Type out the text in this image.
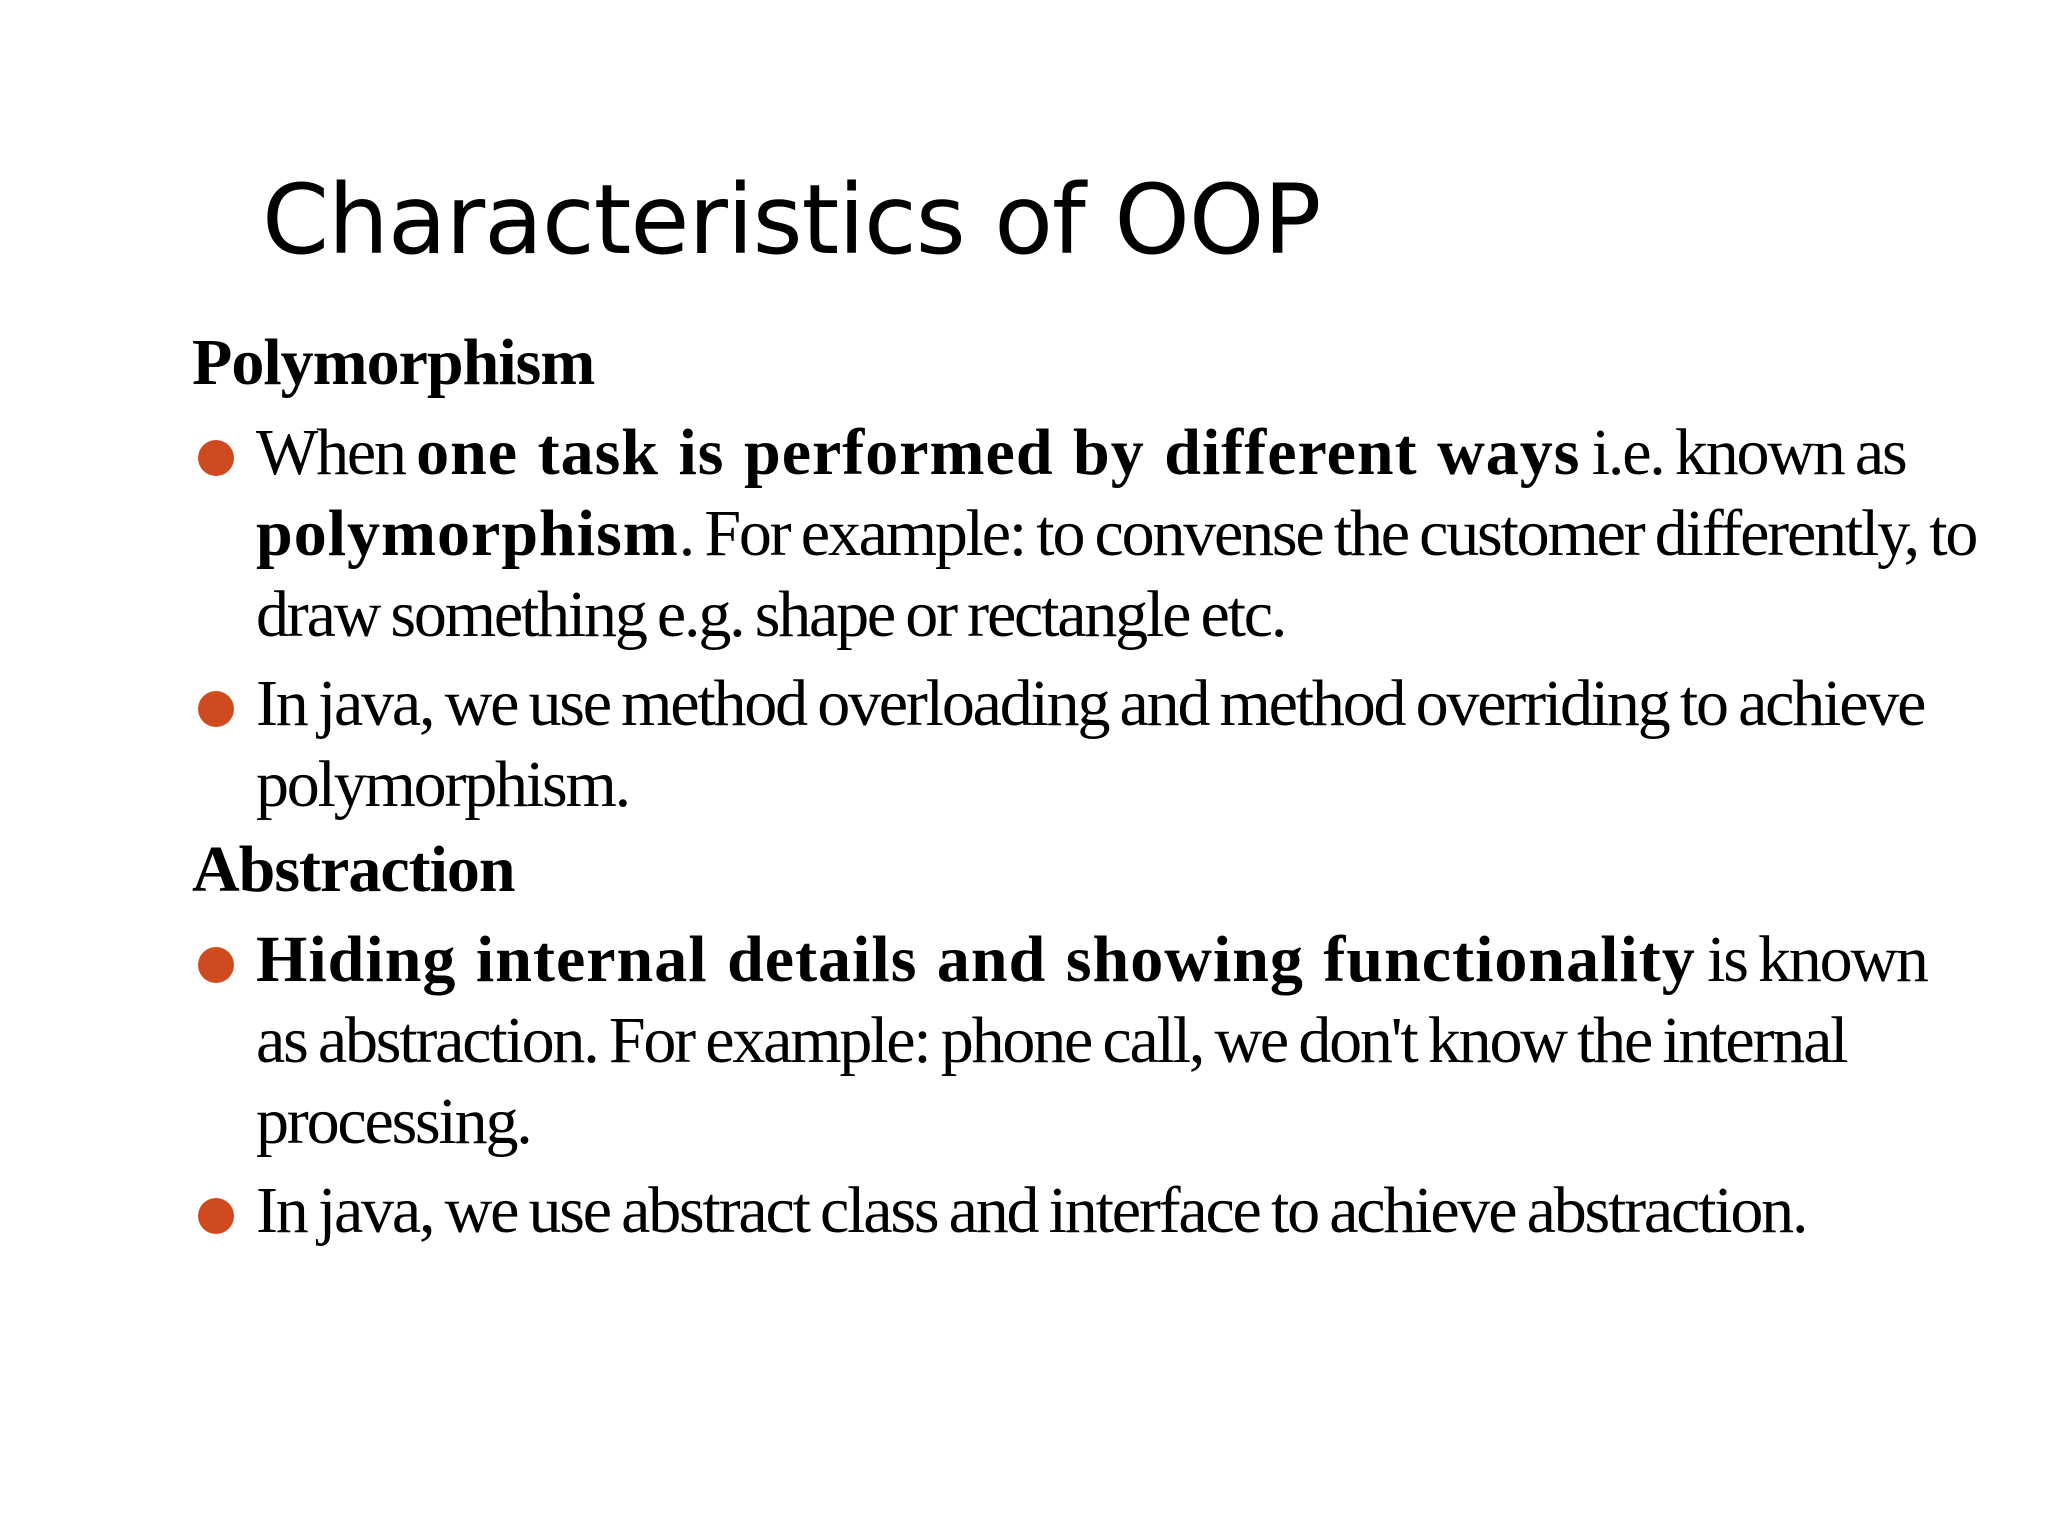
Characteristics of OOP
Polymorphism
When one task is performed by different ways i.e. known as polymorphism. For example: to convense the customer differently, to draw something e.g. shape or rectangle etc.
In java, we use method overloading and method overriding to achieve polymorphism.
Abstraction
Hiding internal details and showing functionality is known as abstraction. For example: phone call, we don't know the internal processing.
In java, we use abstract class and interface to achieve abstraction.
